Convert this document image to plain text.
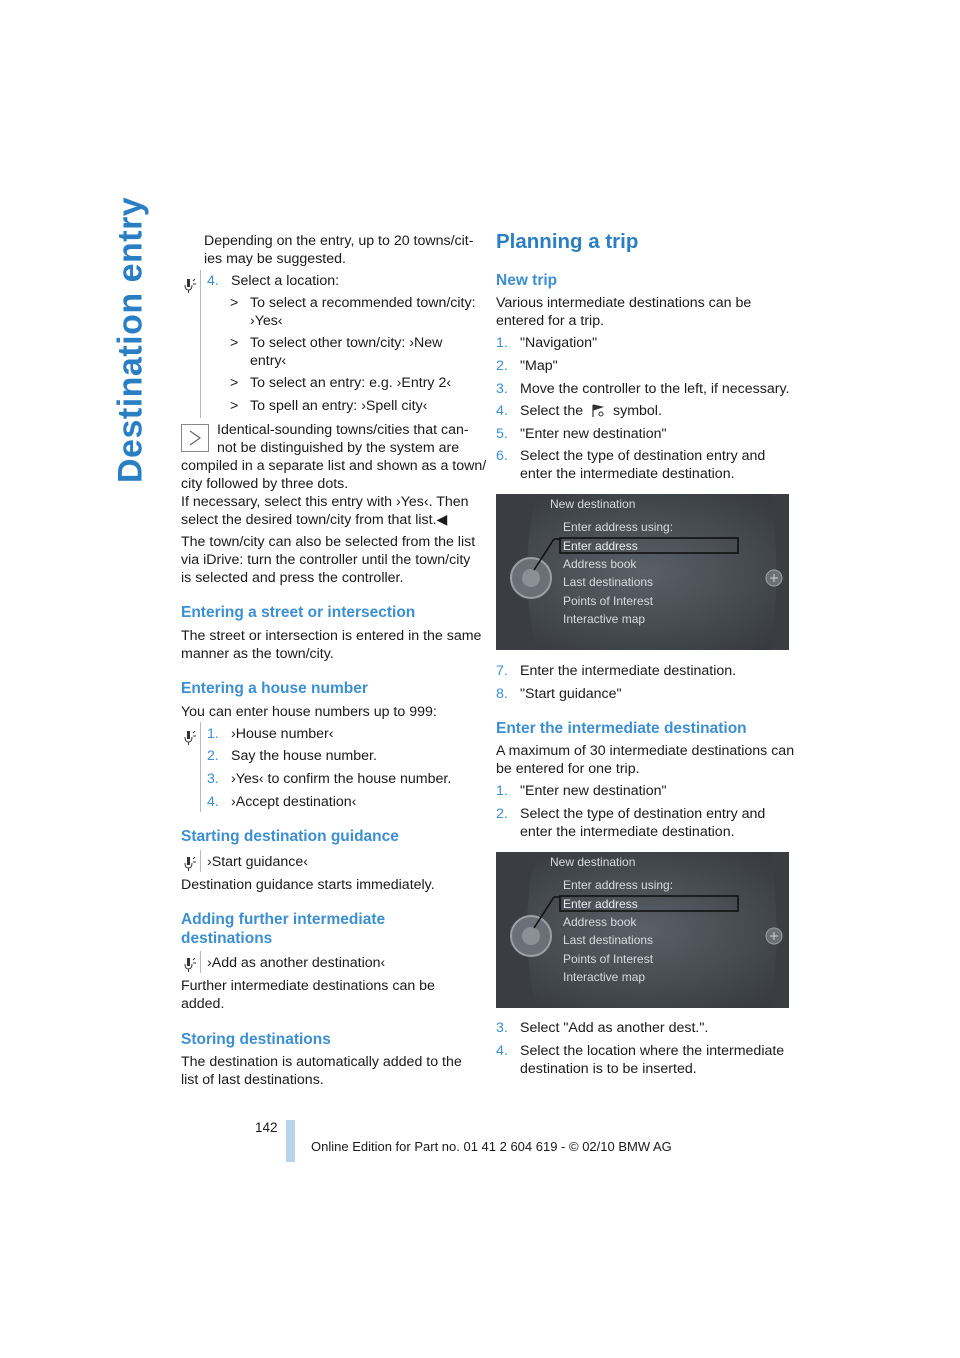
Destination entry	Depending on the entry, up to 20 towns/cit-
ies may be suggested.
4. Select a location:
> To select a recommended town/city:
›Yes‹
> To select other town/city: ›New
entry‹
> To select an entry: e.g. ›Entry 2‹
> To spell an entry: ›Spell city‹
Identical-sounding towns/cities that can-
not be distinguished by the system are
compiled in a separate list and shown as a town/
city followed by three dots.
If necessary, select this entry with ›Yes‹. Then
select the desired town/city from that list.◀
The town/city can also be selected from the list
via iDrive: turn the controller until the town/city
is selected and press the controller.
Entering a street or intersection
The street or intersection is entered in the same
manner as the town/city.
Entering a house number
You can enter house numbers up to 999:
1. ›House number‹
2. Say the house number.
3. ›Yes‹ to confirm the house number.
4. ›Accept destination‹
Starting destination guidance
›Start guidance‹
Destination guidance starts immediately.
Adding further intermediate
destinations
›Add as another destination‹
Further intermediate destinations can be
added.
Storing destinations
The destination is automatically added to the
list of last destinations.
Planning a trip
New trip
Various intermediate destinations can be
entered for a trip.
1. "Navigation"
2. "Map"
3. Move the controller to the left, if necessary.
4. Select the symbol.
5. "Enter new destination"
6. Select the type of destination entry and
enter the intermediate destination.
New destination
Enter address using:
Enter address
Address book
Last destinations
Points of Interest
Interactive map
7. Enter the intermediate destination.
8. "Start guidance"
Enter the intermediate destination
A maximum of 30 intermediate destinations can
be entered for one trip.
1. "Enter new destination"
2. Select the type of destination entry and
enter the intermediate destination.
New destination
Enter address using:
Enter address
Address book
Last destinations
Points of Interest
Interactive map
3. Select "Add as another dest.".
4. Select the location where the intermediate
destination is to be inserted.
142
Online Edition for Part no. 01 41 2 604 619 - © 02/10 BMW AG
